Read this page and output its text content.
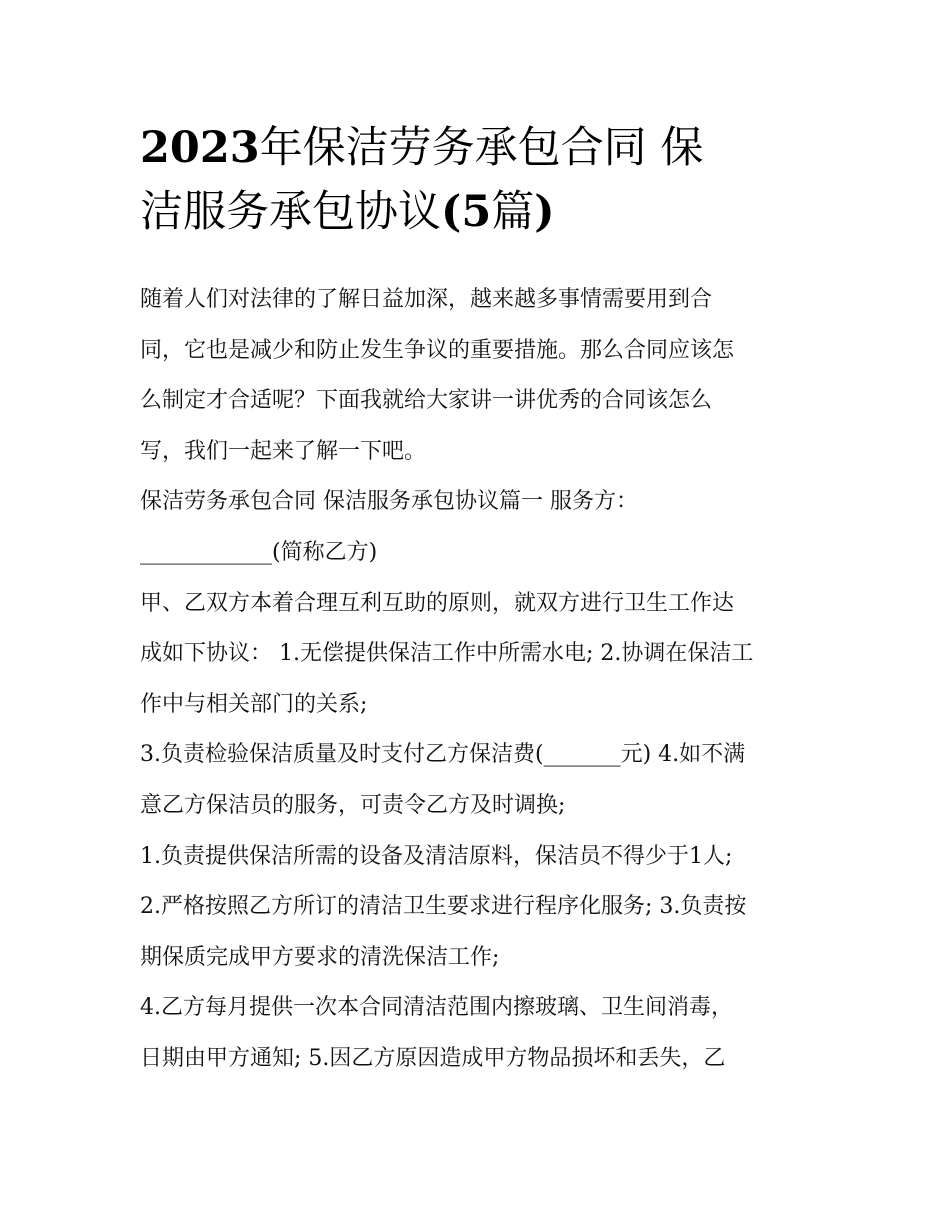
2023年保洁劳务承包合同 保
洁服务承包协议(5篇)
随着人们对法律的了解日益加深，越来越多事情需要用到合
同，它也是减少和防止发生争议的重要措施。那么合同应该怎
么制定才合适呢？下面我就给大家讲一讲优秀的合同该怎么
写，我们一起来了解一下吧。
保洁劳务承包合同 保洁服务承包协议篇一 服务方：
____________(简称乙方)
甲、乙双方本着合理互利互助的原则，就双方进行卫生工作达
成如下协议： 1.无偿提供保洁工作中所需水电; 2.协调在保洁工
作中与相关部门的关系;
3.负责检验保洁质量及时支付乙方保洁费(_______元) 4.如不满
意乙方保洁员的服务，可责令乙方及时调换;
1.负责提供保洁所需的设备及清洁原料，保洁员不得少于1人;
2.严格按照乙方所订的清洁卫生要求进行程序化服务; 3.负责按
期保质完成甲方要求的清洗保洁工作;
4.乙方每月提供一次本合同清洁范围内擦玻璃、卫生间消毒，
日期由甲方通知; 5.因乙方原因造成甲方物品损坏和丢失，乙
